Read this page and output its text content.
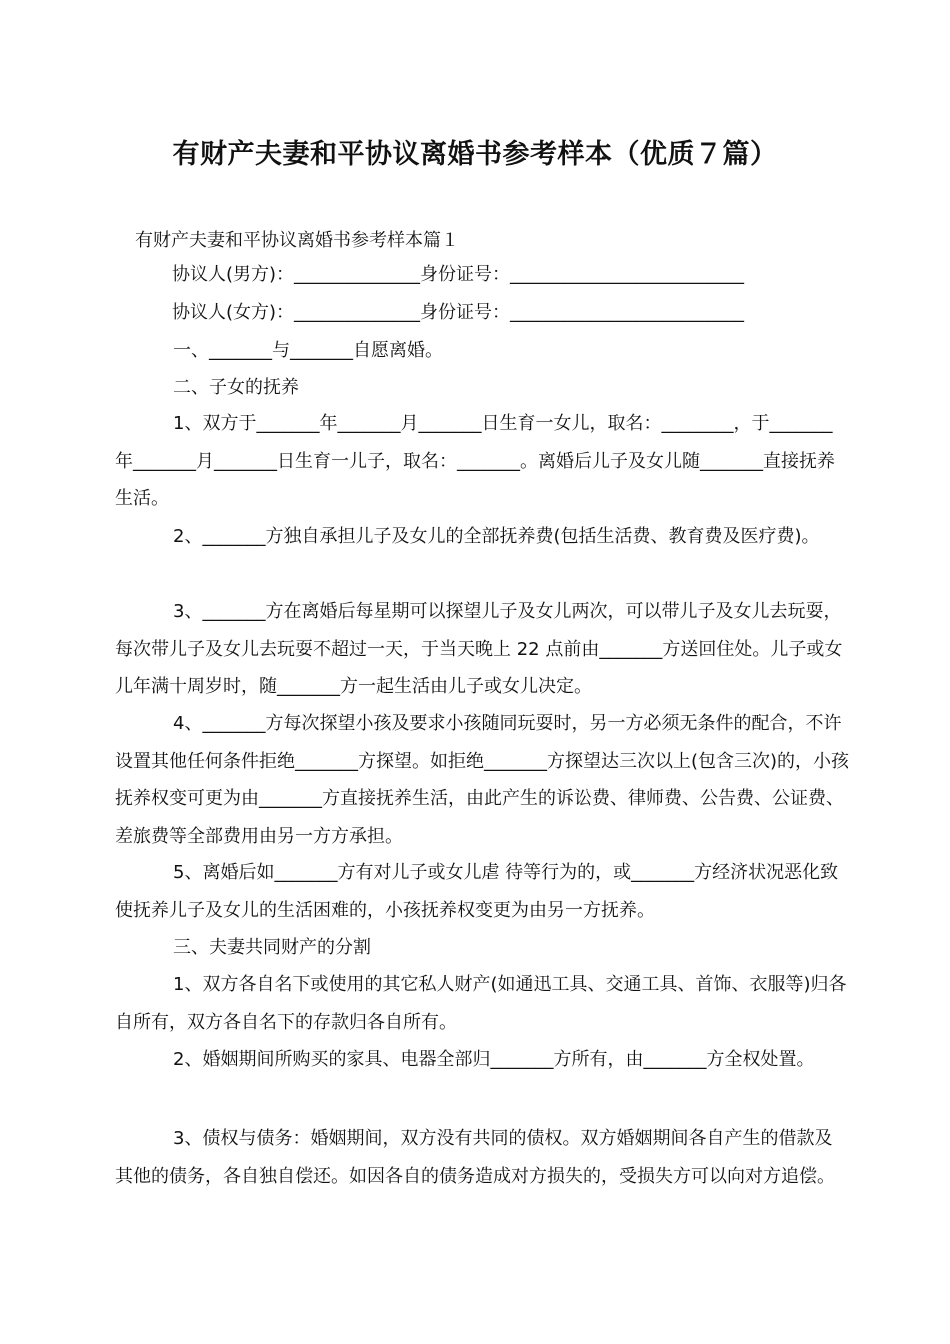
有财产夫妻和平协议离婚书参考样本（优质７篇）

有财产夫妻和平协议离婚书参考样本篇１

协议人(男方)：______________身份证号：__________________________

协议人(女方)：______________身份证号：__________________________

一、_______与_______自愿离婚。

二、子女的抚养

1、双方于_______年_______月_______日生育一女儿，取名：________，于_______年_______月_______日生育一儿子，取名：_______。离婚后儿子及女儿随_______直接抚养生活。

2、_______方独自承担儿子及女儿的全部抚养费(包括生活费、教育费及医疗费)。

3、_______方在离婚后每星期可以探望儿子及女儿两次，可以带儿子及女儿去玩耍，每次带儿子及女儿去玩耍不超过一天，于当天晚上 22 点前由_______方送回住处。儿子或女儿年满十周岁时，随_______方一起生活由儿子或女儿决定。

4、_______方每次探望小孩及要求小孩随同玩耍时，另一方必须无条件的配合，不许设置其他任何条件拒绝_______方探望。如拒绝_______方探望达三次以上(包含三次)的，小孩抚养权变可更为由_______方直接抚养生活，由此产生的诉讼费、律师费、公告费、公证费、差旅费等全部费用由另一方方承担。

5、离婚后如_______方有对儿子或女儿虐 待等行为的，或_______方经济状况恶化致使抚养儿子及女儿的生活困难的，小孩抚养权变更为由另一方抚养。

三、夫妻共同财产的分割

1、双方各自名下或使用的其它私人财产(如通迅工具、交通工具、首饰、衣服等)归各自所有，双方各自名下的存款归各自所有。

2、婚姻期间所购买的家具、电器全部归_______方所有，由_______方全权处置。

3、债权与债务：婚姻期间，双方没有共同的债权。双方婚姻期间各自产生的借款及其他的债务，各自独自偿还。如因各自的债务造成对方损失的，受损失方可以向对方追偿。
